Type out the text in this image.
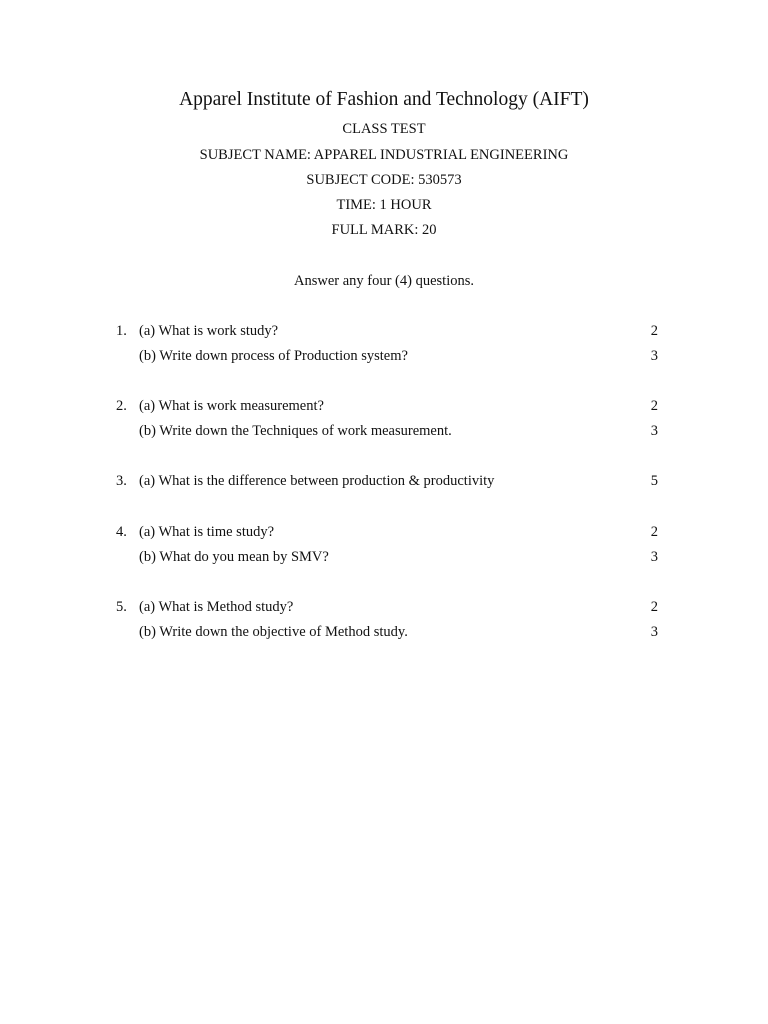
Apparel Institute of Fashion and Technology (AIFT)
CLASS TEST
SUBJECT NAME: APPAREL INDUSTRIAL ENGINEERING
SUBJECT CODE: 530573
TIME: 1 HOUR
FULL MARK: 20
Answer any four (4) questions.
1. (a) What is work study?	2
(b) Write down process of Production system?	3
2. (a) What is work measurement?	2
(b) Write down the Techniques of work measurement.	3
3. (a) What is the difference between production & productivity	5
4. (a) What is time study?	2
(b) What do you mean by SMV?	3
5. (a) What is Method study?	2
(b) Write down the objective of Method study.	3
